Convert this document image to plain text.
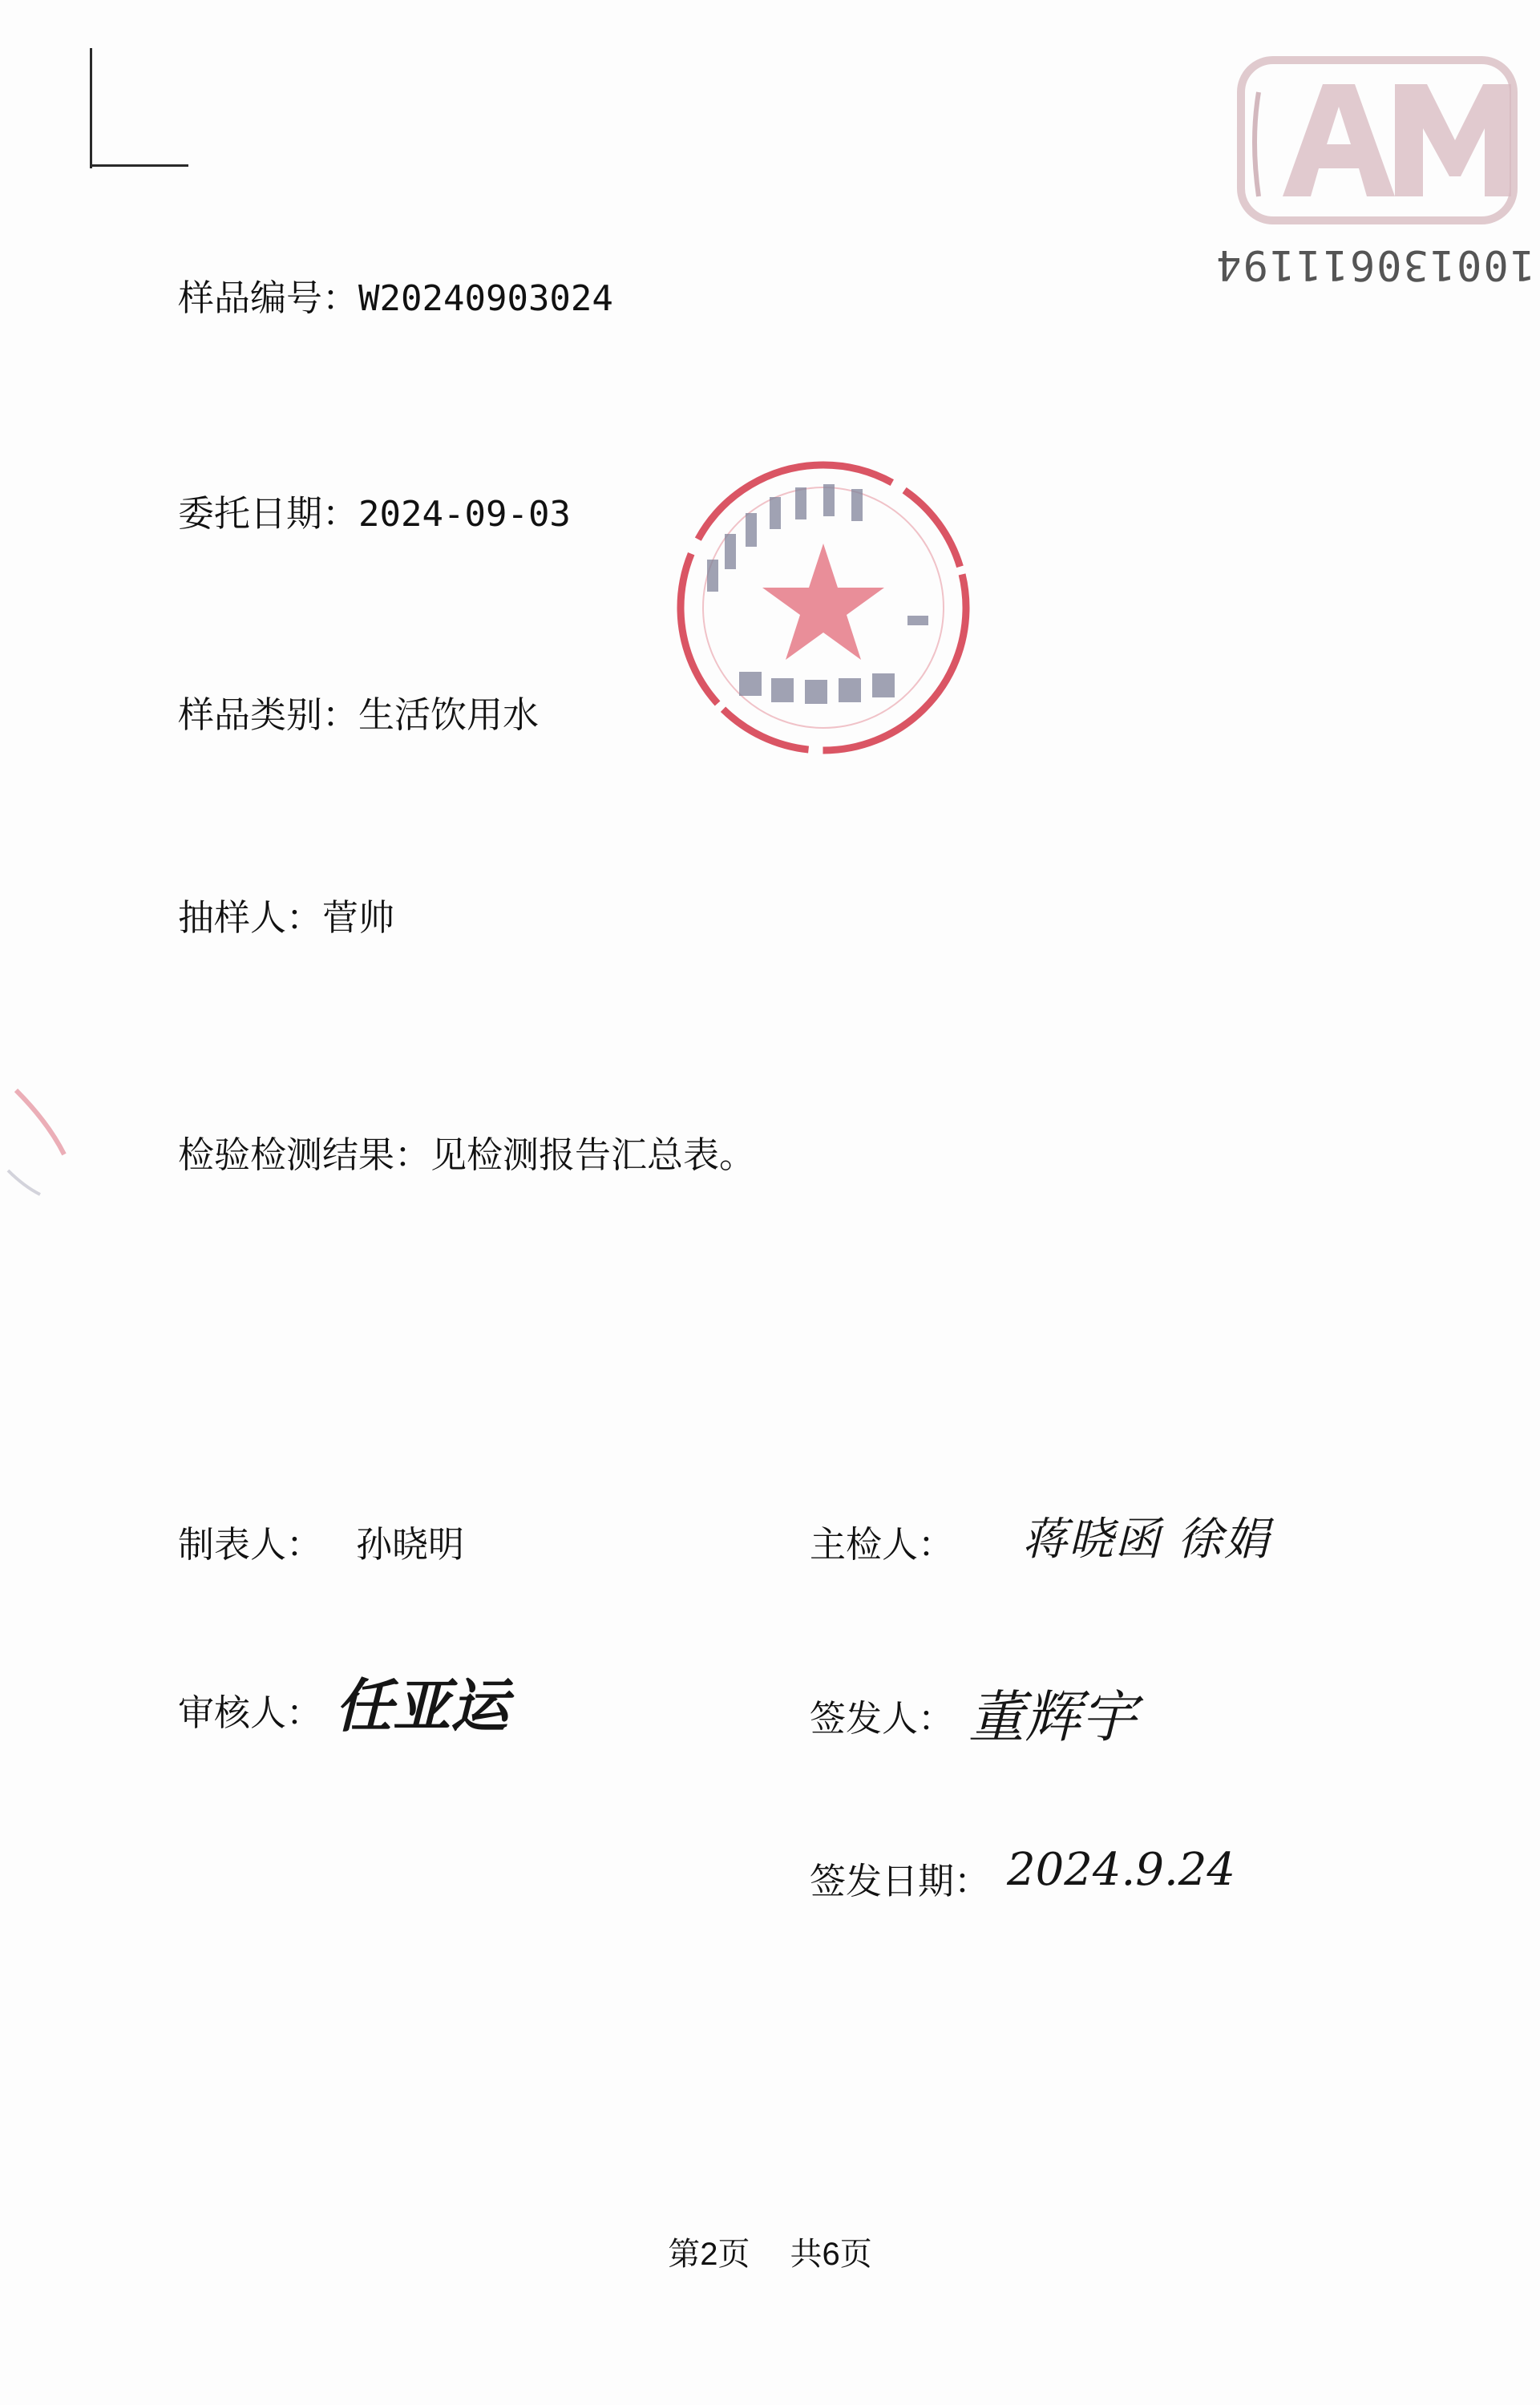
100130611194
样品编号：W20240903024
委托日期：2024-09-03
样品类别：生活饮用水
抽样人：菅帅
检验检测结果：见检测报告汇总表。
制表人： 孙晓明	主检人： 蒋晓函 徐娟
审核人： 任亚运	签发人： 董辉宇
签发日期： 2024.9.24
第2页 共6页
